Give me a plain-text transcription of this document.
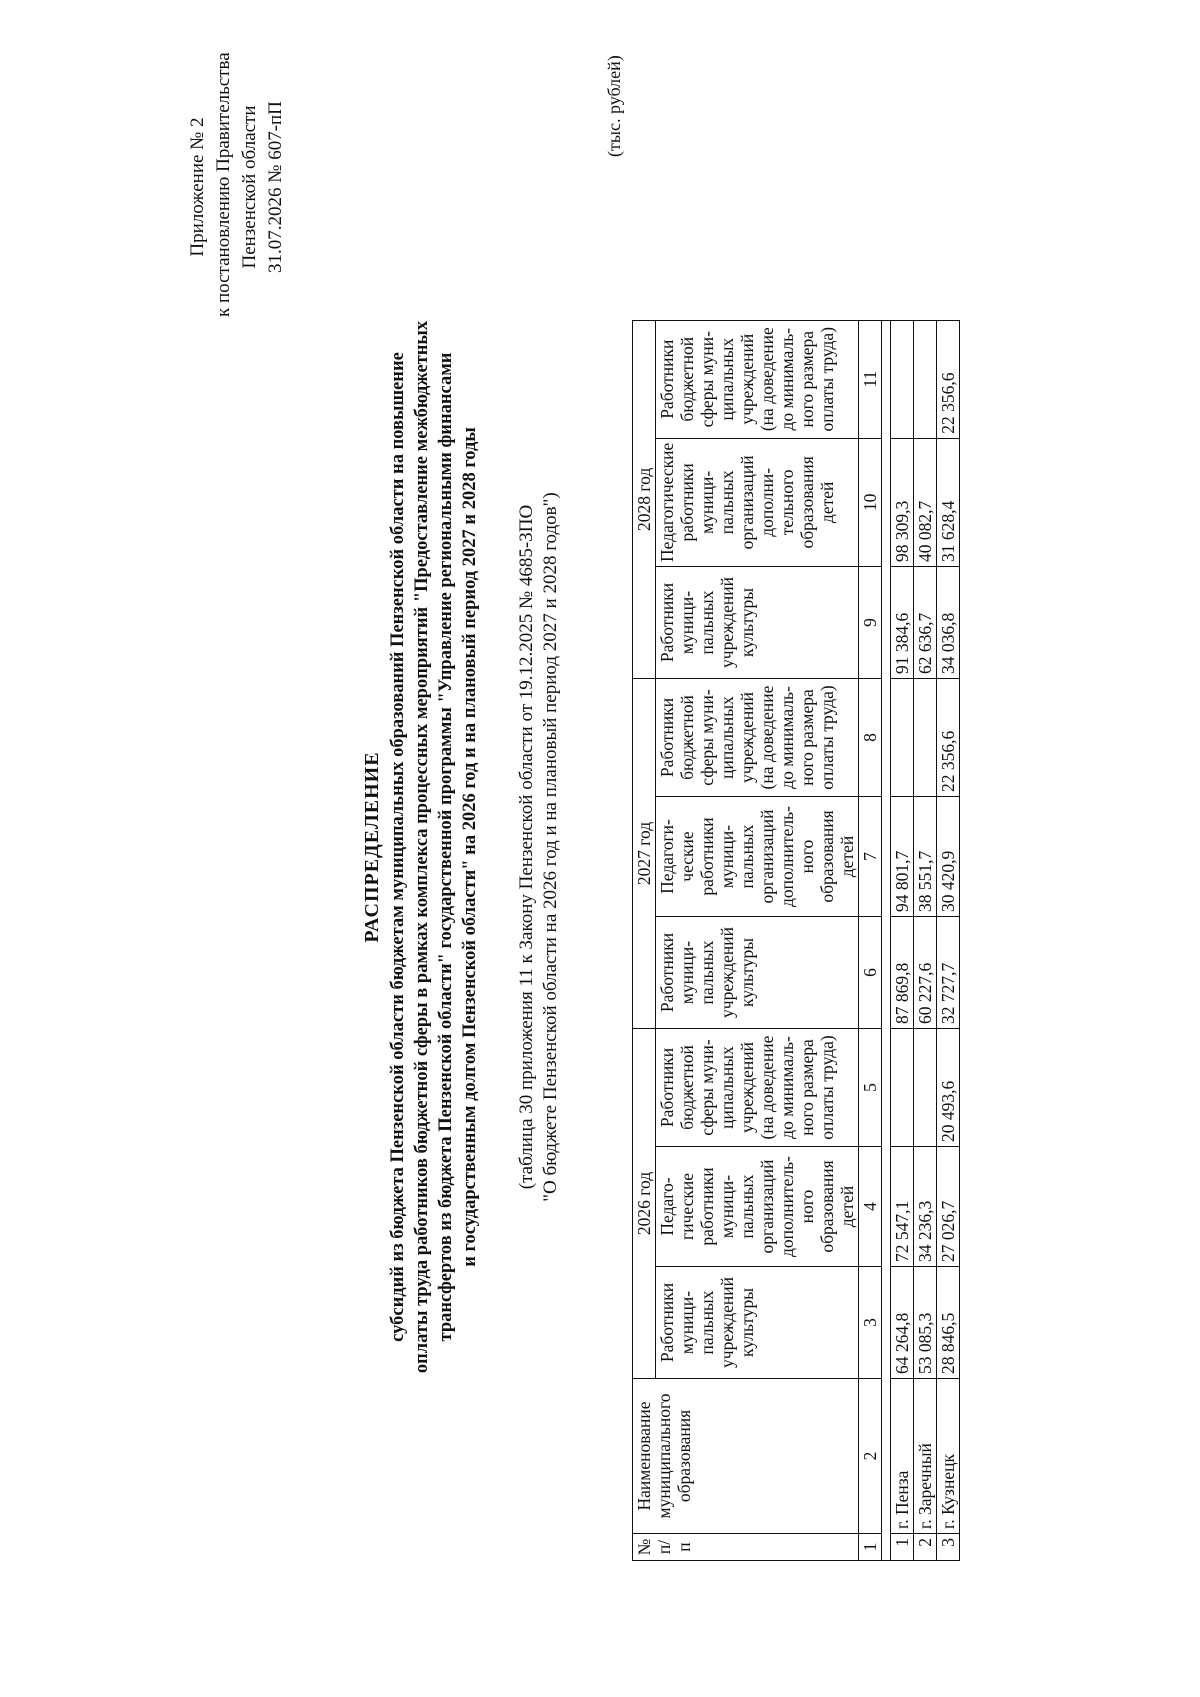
Приложение № 2 к постановлению Правительства Пензенской области 31.07.2026 № 607-пП
РАСПРЕДЕЛЕНИЕ субсидий из бюджета Пензенской области бюджетам муниципальных образований Пензенской области на повышение оплаты труда работников бюджетной сферы в рамках комплекса процессных мероприятий "Предоставление межбюджетных трансфертов из бюджета Пензенской области" государственной программы "Управление региональными финансами и государственным долгом Пензенской области" на 2026 год и на плановый период 2027 и 2028 годы (таблица 30 приложения 11 к Закону Пензенской области от 19.12.2025 № 4685-ЗПО "О бюджете Пензенской области на 2026 год и на плановый период 2027 и 2028 годов")
(тыс. рублей)
№ п/п	Наименование муниципального образования	2026 год			2027 год			2028 год		
		Работники муници-пальных учреждений культуры	Педаго-гические работники муници-пальных организаций дополнитель-ного образования детей	Работники бюджетной сферы муни-ципальных учреждений (на доведение до минималь-ного размера оплаты труда)	Работники муници-пальных учреждений культуры	Педагоги-ческие работники муници-пальных организаций дополнитель-ного образования детей	Работники бюджетной сферы муни-ципальных учреждений (на доведение до минималь-ного размера оплаты труда)	Работники муници-пальных учреждений культуры	Педагогические работники муници-пальных организаций дополни-тельного образования детей	Работники бюджетной сферы муни-ципальных учреждений (на доведение до минималь-ного размера оплаты труда)
1	2	3	4	5	6	7	8	9	10	11

1	г. Пенза	64 264,8	72 547,1		87 869,8	94 801,7		91 384,6	98 309,3	
2	г. Заречный	53 085,3	34 236,3		60 227,6	38 551,7		62 636,7	40 082,7	
3	г. Кузнецк	28 846,5	27 026,7	20 493,6	32 727,7	30 420,9	22 356,6	34 036,8	31 628,4	22 356,6
